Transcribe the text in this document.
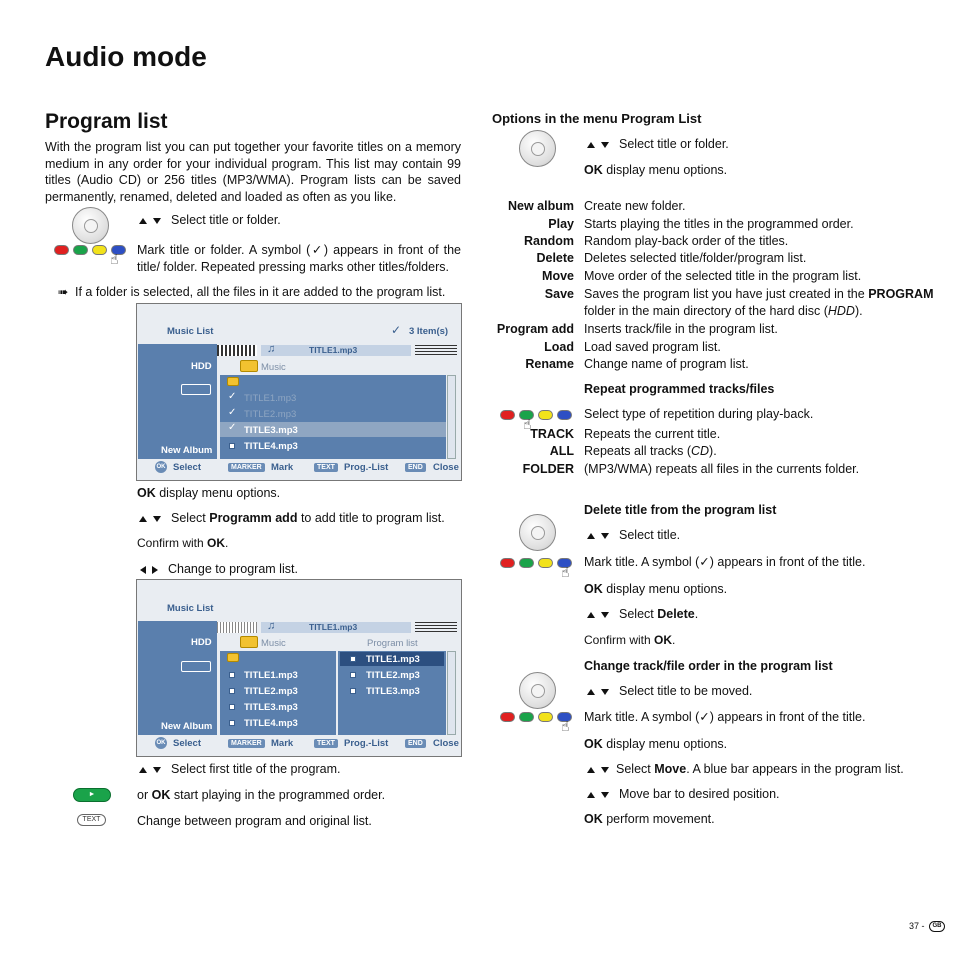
Audio mode
Program list
With the program list you can put together your favorite titles on a memory medium in any order for your individual program. This list may contain 99 titles (Audio CD) or 256 titles (MP3/WMA). Program lists can be saved permanently, renamed, deleted and loaded as often as you like.
Select title or folder.
☝
Mark title or folder. A symbol (✓) appears in front of the title/ folder. Repeated pressing marks other titles/folders.
➠ If a folder is selected, all the files in it are added to the program list.
Music List	✓ 3 Item(s)
HDD
New Album
♫	TITLE1.mp3
Music
✓ TITLE1.mp3
✓ TITLE2.mp3
✓ TITLE3.mp3
TITLE4.mp3
OK Select	MARKER Mark	TEXT Prog.-List	END	Close
OK display menu options.
Select Programm add to add title to program list.
Confirm with OK.
Change to program list.
Music List
HDD
New Album
♫	TITLE1.mp3
Music	Program list
TITLE1.mp3
TITLE2.mp3
TITLE3.mp3
TITLE4.mp3
TITLE1.mp3
TITLE2.mp3
TITLE3.mp3
OK Select	MARKER Mark	TEXT Prog.-List	END	Close
Select first title of the program.
►	or OK start playing in the programmed order.
TEXT	Change between program and original list.
Options in the menu Program List
Select title or folder.
OK display menu options.
New album Create new folder.
Play Starts playing the titles in the programmed order.
Random Random play-back order of the titles.
Delete Deletes selected title/folder/program list.
Move Move order of the selected title in the program list.
Save Saves the program list you have just created in the PROGRAM
folder in the main directory of the hard disc (HDD).
Program add Inserts track/file in the program list.
Load Load saved program list.
Rename Change name of program list.
Repeat programmed tracks/files
☝
Select type of repetition during play-back.
TRACK Repeats the current title.
ALL Repeats all tracks (CD).
FOLDER (MP3/WMA) repeats all files in the currents folder.
Delete title from the program list
Select title.
☝
Mark title. A symbol (✓) appears in front of the title.
OK display menu options.
Select Delete.
Confirm with OK.
Change track/file order in the program list
Select title to be moved.
☝
Mark title. A symbol (✓) appears in front of the title.
OK display menu options.
Select Move. A blue bar appears in the program list.
Move bar to desired position.
OK perform movement.
37 -	GB
